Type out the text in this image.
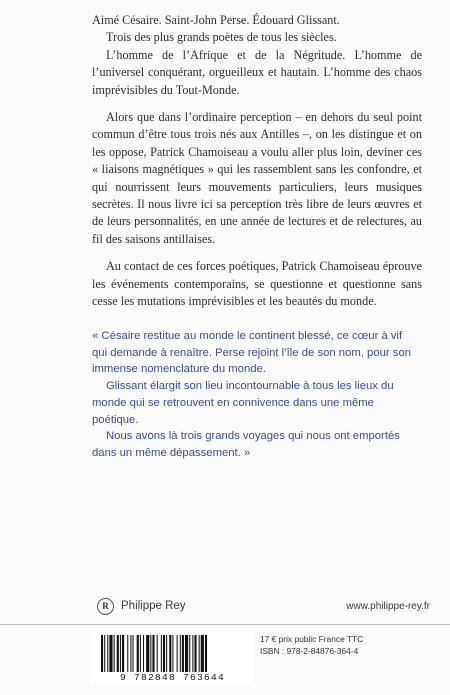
Aimé Césaire. Saint-John Perse. Édouard Glissant.

Trois des plus grands poètes de tous les siècles.

L’homme de l’Afrique et de la Négritude. L’homme de l’universel conquérant, orgueilleux et hautain. L’homme des chaos imprévisibles du Tout-Monde.

Alors que dans l’ordinaire perception – en dehors du seul point commun d’être tous trois nés aux Antilles –, on les distingue et on les oppose, Patrick Chamoiseau a voulu aller plus loin, deviner ces « liaisons magnétiques » qui les rassemblent sans les confondre, et qui nourrissent leurs mouvements particuliers, leurs musiques secrètes. Il nous livre ici sa perception très libre de leurs œuvres et de leurs personnalités, en une année de lectures et de relectures, au fil des saisons antillaises.

Au contact de ces forces poétiques, Patrick Chamoiseau éprouve les événements contemporains, se questionne et questionne sans cesse les mutations imprévisibles et les beautés du monde.

« Césaire restitue au monde le continent blessé, ce cœur à vif qui demande à renaître. Perse rejoint l’île de son nom, pour son immense nomenclature du monde.

Glissant élargit son lieu incontournable à tous les lieux du monde qui se retrouvent en connivence dans une même poétique.

Nous avons là trois grands voyages qui nous ont emportés dans un même dépassement. »

R	Philippe Rey	www.philippe-rey.fr
9 782848 763644
17 € prix public France TTC
ISBN : 978-2-84876-364-4
